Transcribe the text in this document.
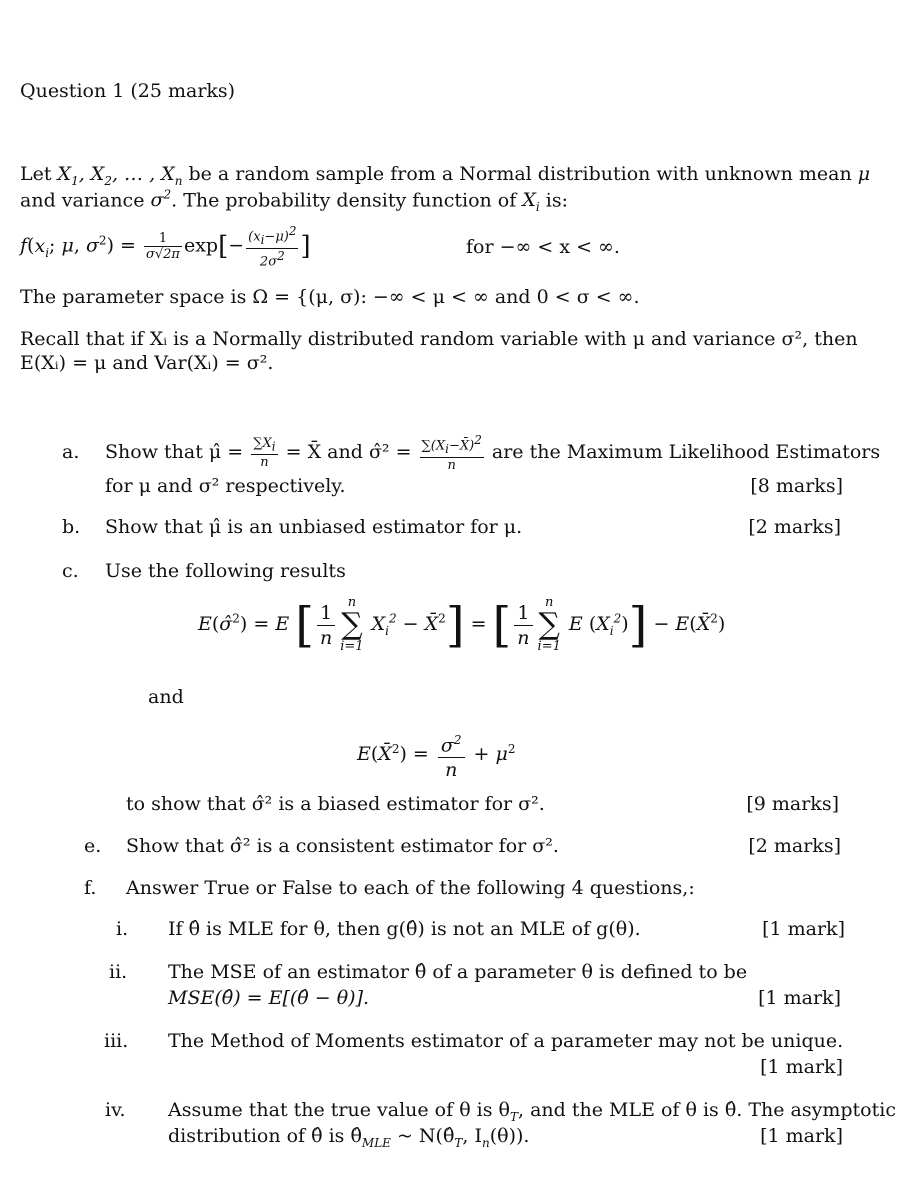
Question 1 (25 marks)
Let $X_1$, $X_2$, … , $X_n$ be a random sample from a Normal distribution with unknown mean μ
and variance $\sigma^2$. The probability density function of $X_i$ is:
$f(x_i$; μ, $\sigma^2) = \frac{1}{\sigma√2\pi} \exp[- \frac{(x_i-\mu)^2}{2\sigma^2}$ ]	for −∞ < x < ∞.
The parameter space is Ω = {(μ, σ): −∞ < μ < ∞ and 0 < σ < ∞.
Recall that if Xᵢ is a Normally distributed random variable with μ and variance σ², then
E(Xᵢ) = μ and Var(Xᵢ) = σ².
a. Show that μ̂ = $\frac{\sum X_i}{n}$ = X̄ and σ̂² = $\frac{\sum(X_i-X̄)^2}{n}$ are the Maximum Likelihood Estimators
for μ and σ² respectively.	[8 marks]
b. Show that μ̂ is an unbiased estimator for μ.	[2 marks]
c. Use the following results
E(σ̂$^2$) = E [ $\frac{1}{n}$ n
∑
i=1
$X_i^2$ − X̄$^2$] = [ $\frac{1}{n}$ n
∑
i=1
E $(X_i^2)$] − E(X̄$^2$)
and
E(X̄$^2$) = $\frac{\sigma^2}{n} + \mu^2$
to show that σ̂² is a biased estimator for σ².	[9 marks]
e. Show that σ̂² is a consistent estimator for σ².	[2 marks]
f. Answer True or False to each of the following 4 questions,:
i. If θ̂ is MLE for θ, then g(θ̂) is not an MLE of g(θ).	[1 mark]
ii. The MSE of an estimator θ̂ of a parameter θ is defined to be
MSE(θ̂) = E[(θ̂ − θ)].	[1 mark]
iii. The Method of Moments estimator of a parameter may not be unique.
[1 mark]
iv. Assume that the true value of θ is $\theta_T$, and the MLE of θ is θ̂. The asymptotic
distribution of θ̂ is $\thetâ_{MLE}$ ~ $N(\thetâ_T$, $I_n(\theta)$).	[1 mark]
